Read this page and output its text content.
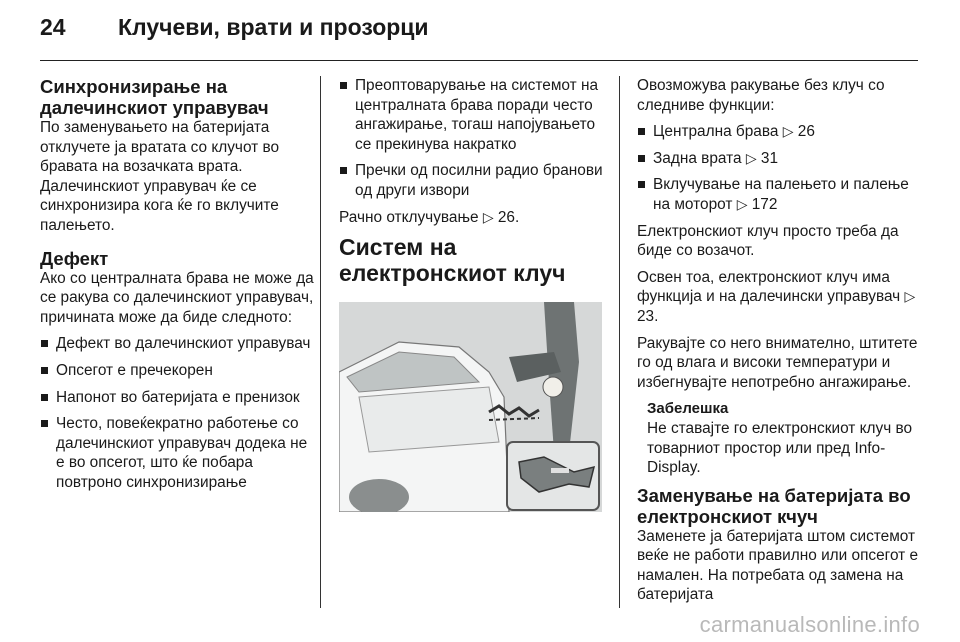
24	Клучеви, врати и прозорци
Синхронизирање на далечинскиот управувач

По заменувањето на батеријата отклучете ја вратата со клучот во бравата на возачката врата. Далечинскиот управувач ќе се синхронизира кога ќе го вклучите палењето.

Дефект

Ако со централната брава не може да се ракува со далечинскиот управувач, причината може да биде следното:

Дефект во далечинскиот управувач
Опсегот е пречекорен
Напонот во батеријата е пренизок
Често, повеќекратно работење со далечинскиот управувач додека не е во опсегот, што ќе побара повтроно синхронизирање
Преоптоварување на системот на централната брава поради често ангажирање, тогаш напојувањето се прекинува накратко
Пречки од посилни радио бранови од други извори

Рачно отклучување ▷ 26.

Систем на електронскиот клуч

Овозможува ракување без клуч со следниве функции:

Централна брава ▷ 26
Задна врата ▷ 31
Вклучување на палењето и палење на моторот ▷ 172

Електронскиот клуч просто треба да биде со возачот.

Освен тоа, електронскиот клуч има функција и на далечински управувач ▷ 23.

Ракувајте со него внимателно, штитете го од влага и високи температури и избегнувајте непотребно ангажирање.

Забелешка

Не ставајте го електронскиот клуч во товарниот простор или пред Info-Display.

Заменување на батеријата во електронскиот кчуч

Заменете ја батеријата штом системот веќе не работи правилно или опсегот е намален. На потребата од замена на батеријата

carmanualsonline.info
